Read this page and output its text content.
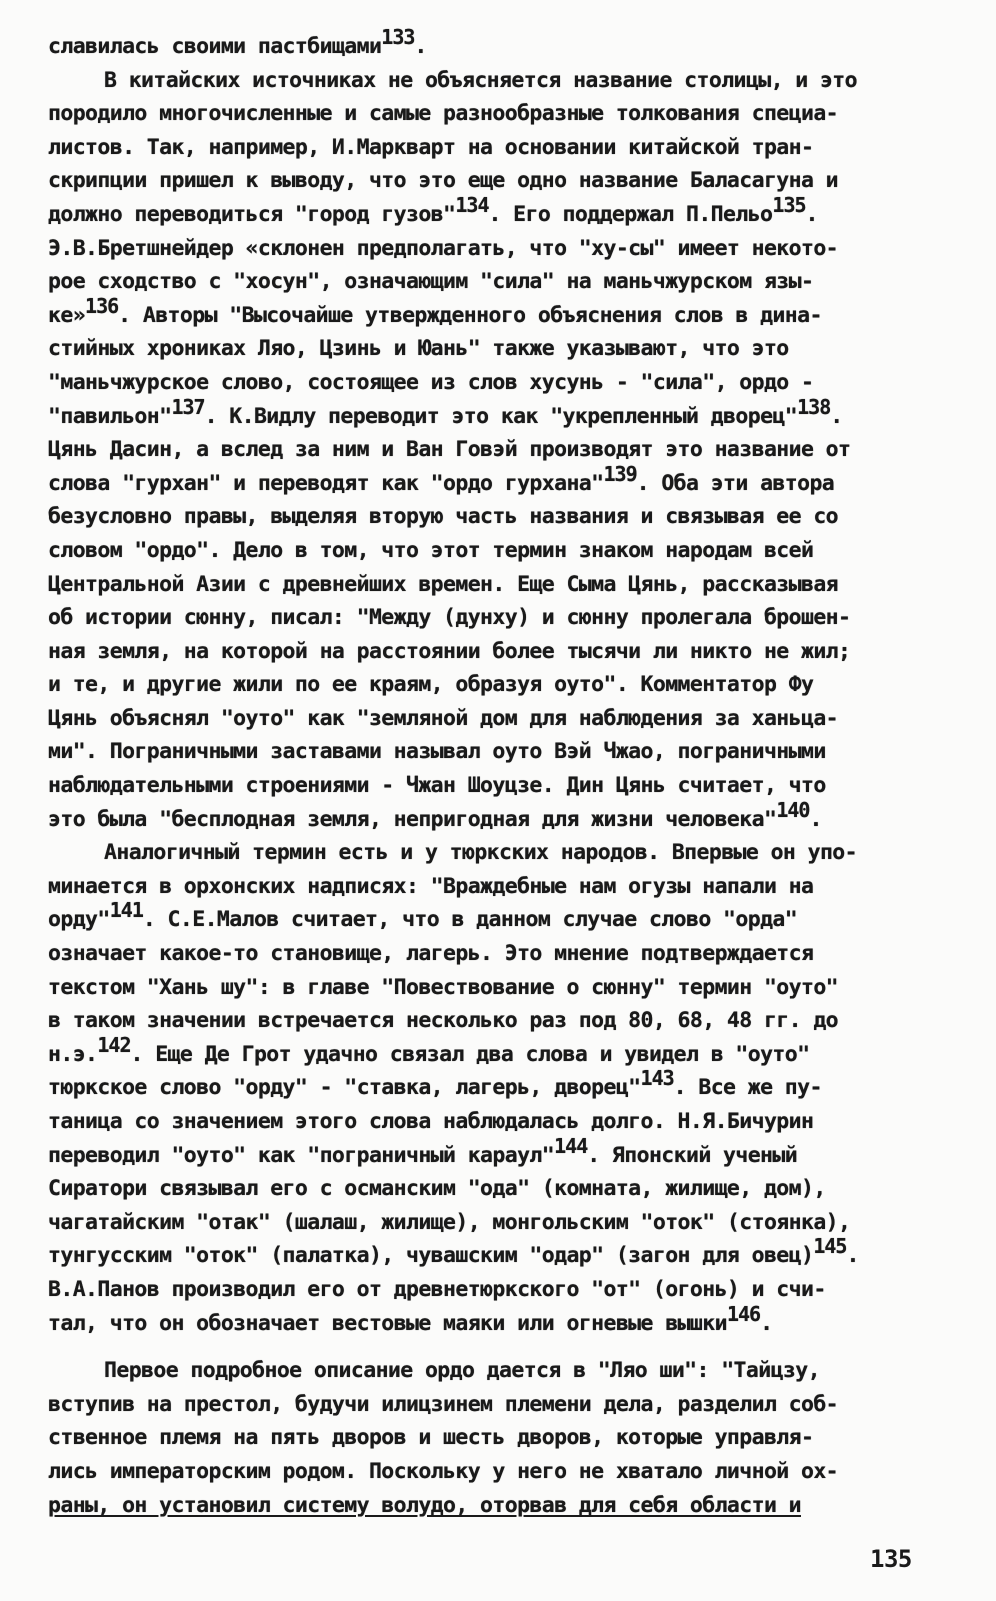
славилась своими пастбищами133.
В китайских источниках не объясняется название столицы, и это
породило многочисленные и самые разнообразные толкования специа-
листов. Так, например, И.Маркварт на основании китайской тран-
скрипции пришел к выводу, что это еще одно название Баласагуна и
должно переводиться "город гузов"134. Его поддержал П.Пельо135.
Э.В.Бретшнейдер «склонен предполагать, что "ху-сы" имеет некото-
рое сходство с "хосун", означающим "сила" на маньчжурском язы-
ке»136. Авторы "Высочайше утвержденного объяснения слов в дина-
стийных хрониках Ляо, Цзинь и Юань" также указывают, что это
"маньчжурское слово, состоящее из слов хусунь - "сила", ордо -
"павильон"137. К.Видлу переводит это как "укрепленный дворец"138.
Цянь Дасин, а вслед за ним и Ван Говэй производят это название от
слова "гурхан" и переводят как "ордо гурхана"139. Оба эти автора
безусловно правы, выделяя вторую часть названия и связывая ее со
словом "ордо". Дело в том, что этот термин знаком народам всей
Центральной Азии с древнейших времен. Еще Сыма Цянь, рассказывая
об истории сюнну, писал: "Между (дунху) и сюнну пролегала брошен-
ная земля, на которой на расстоянии более тысячи ли никто не жил;
и те, и другие жили по ее краям, образуя оуто". Комментатор Фу
Цянь объяснял "оуто" как "земляной дом для наблюдения за ханьца-
ми". Пограничными заставами называл оуто Вэй Чжао, пограничными
наблюдательными строениями - Чжан Шоуцзе. Дин Цянь считает, что
это была "бесплодная земля, непригодная для жизни человека"140.
Аналогичный термин есть и у тюркских народов. Впервые он упо-
минается в орхонских надписях: "Враждебные нам огузы напали на
орду"141. С.Е.Малов считает, что в данном случае слово "орда"
означает какое-то становище, лагерь. Это мнение подтверждается
текстом "Хань шу": в главе "Повествование о сюнну" термин "оуто"
в таком значении встречается несколько раз под 80, 68, 48 гг. до
н.э.142. Еще Де Грот удачно связал два слова и увидел в "оуто"
тюркское слово "орду" - "ставка, лагерь, дворец"143. Все же пу-
таница со значением этого слова наблюдалась долго. Н.Я.Бичурин
переводил "оуто" как "пограничный караул"144. Японский ученый
Сиратори связывал его с османским "ода" (комната, жилище, дом),
чагатайским "отак" (шалаш, жилище), монгольским "оток" (стоянка),
тунгусским "оток" (палатка), чувашским "одар" (загон для овец)145.
В.А.Панов производил его от древнетюркского "от" (огонь) и счи-
тал, что он обозначает вестовые маяки или огневые вышки146.
Первое подробное описание ордо дается в "Ляо ши": "Тайцзу,
вступив на престол, будучи илицзинем племени дела, разделил соб-
ственное племя на пять дворов и шесть дворов, которые управля-
лись императорским родом. Поскольку у него не хватало личной ох-
раны, он установил систему волудо, оторвав для себя области и
135
